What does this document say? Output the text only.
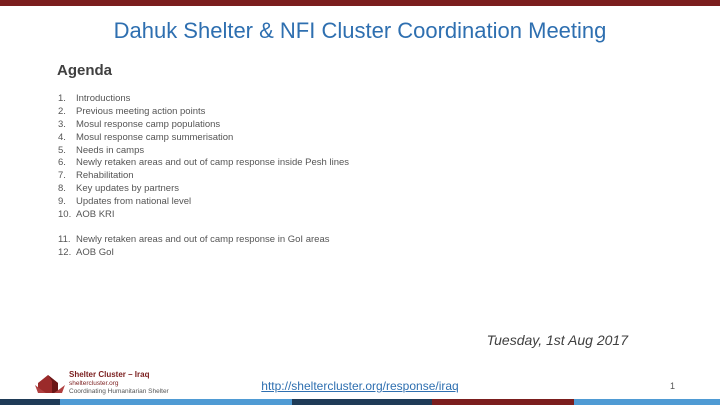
Dahuk Shelter & NFI Cluster Coordination Meeting
Agenda
1. Introductions
2. Previous meeting action points
3. Mosul response camp populations
4. Mosul response camp summerisation
5. Needs in camps
6. Newly retaken areas and out of camp response inside Pesh lines
7. Rehabilitation
8. Key updates by partners
9. Updates from national level
10. AOB KRI
11. Newly retaken areas and out of camp response in GoI areas
12. AOB GoI
Tuesday, 1st Aug 2017
Shelter Cluster – Iraq
sheltercluster.org
Coordinating Humanitarian Shelter	http://sheltercluster.org/response/iraq	1
